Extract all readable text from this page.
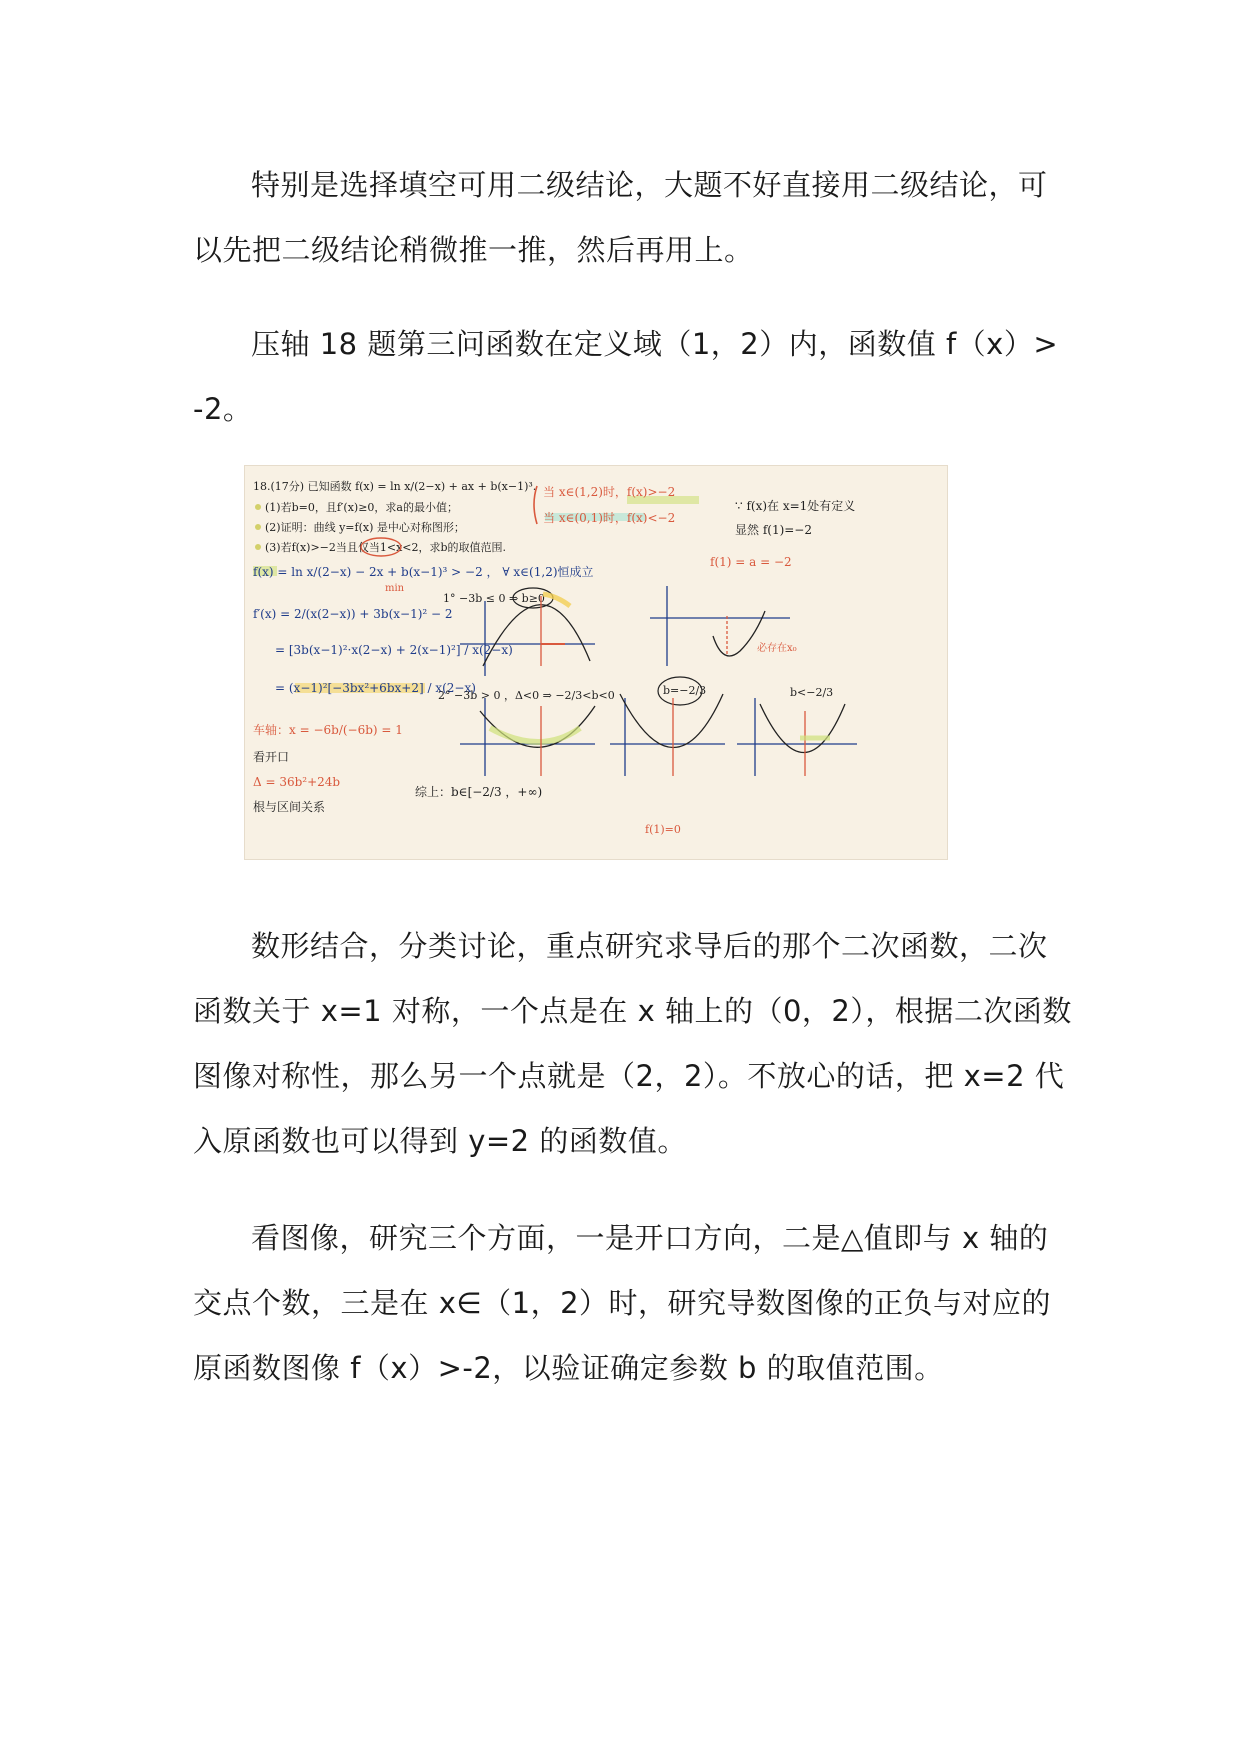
特别是选择填空可用二级结论，大题不好直接用二级结论，可以先把二级结论稍微推一推，然后再用上。

压轴 18 题第三问函数在定义域（1，2）内，函数值 f（x）> -2。

18.(17分) 已知函数 f(x) = ln x/(2−x) + ax + b(x−1)³.
(1)若b=0，且f′(x)≥0，求a的最小值；
(2)证明：曲线 y=f(x) 是中心对称图形；
(3)若f(x)>−2当且仅当1<x<2，求b的取值范围.
当 x∈(1,2)时，f(x)>−2
当 x∈(0,1)时，f(x)<−2
∵ f(x)在 x=1处有定义
显然 f(1)=−2
f(1) = a = −2
f(x) = ln x/(2−x) − 2x + b(x−1)³ > −2 ， ∀ x∈(1,2)恒成立
min
f′(x) = 2/(x(2−x)) + 3b(x−1)² − 2
= [3b(x−1)²·x(2−x) + 2(x−1)²] / x(2−x)
= (x−1)²[−3bx²+6bx+2] / x(2−x)
车轴：x = −6b/(−6b) = 1
看开口
Δ = 36b²+24b
根与区间关系
综上：b∈[−2/3 ，+∞)
1° −3b ≤ 0 ⇒ b≥0
2° −3b > 0 ，Δ<0 ⇒ −2/3<b<0	b=−2/3	b<−2/3
必存在x₀
f(1)=0

数形结合，分类讨论，重点研究求导后的那个二次函数，二次函数关于 x=1 对称，一个点是在 x 轴上的（0，2），根据二次函数图像对称性，那么另一个点就是（2，2）。不放心的话，把 x=2 代入原函数也可以得到 y=2 的函数值。

看图像，研究三个方面，一是开口方向，二是△值即与 x 轴的交点个数，三是在 x∈（1，2）时，研究导数图像的正负与对应的原函数图像 f（x）>-2，以验证确定参数 b 的取值范围。
